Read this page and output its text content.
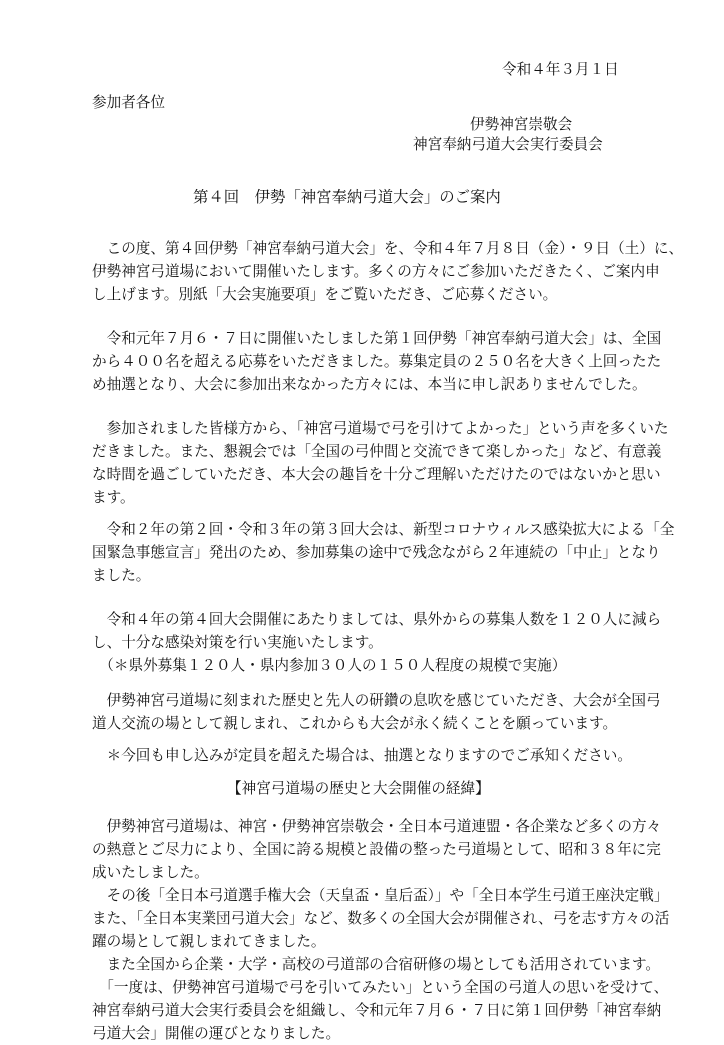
令和４年３月１日
参加者各位
伊勢神宮崇敬会
神宮奉納弓道大会実行委員会
第４回　伊勢「神宮奉納弓道大会」のご案内
　この度、第４回伊勢「神宮奉納弓道大会」を、令和４年７月８日（金）・９日（土）に、
伊勢神宮弓道場において開催いたします。多くの方々にご参加いただきたく、ご案内申
し上げます。別紙「大会実施要項」をご覧いただき、ご応募ください。
　令和元年７月６・７日に開催いたしました第１回伊勢「神宮奉納弓道大会」は、全国
から４００名を超える応募をいただきました。募集定員の２５０名を大きく上回ったた
め抽選となり、大会に参加出来なかった方々には、本当に申し訳ありませんでした。
　参加されました皆様方から、「神宮弓道場で弓を引けてよかった」という声を多くいた
だきました。また、懇親会では「全国の弓仲間と交流できて楽しかった」など、有意義
な時間を過ごしていただき、本大会の趣旨を十分ご理解いただけたのではないかと思い
ます。
　令和２年の第２回・令和３年の第３回大会は、新型コロナウィルス感染拡大による「全
国緊急事態宣言」発出のため、参加募集の途中で残念ながら２年連続の「中止」となり
ました。
　令和４年の第４回大会開催にあたりましては、県外からの募集人数を１２０人に減ら
し、十分な感染対策を行い実施いたします。
　（＊県外募集１２０人・県内参加３０人の１５０人程度の規模で実施）
　伊勢神宮弓道場に刻まれた歴史と先人の研鑽の息吹を感じていただき、大会が全国弓
道人交流の場として親しまれ、これからも大会が永く続くことを願っています。
　＊今回も申し込みが定員を超えた場合は、抽選となりますのでご承知ください。
【神宮弓道場の歴史と大会開催の経緯】
　伊勢神宮弓道場は、神宮・伊勢神宮崇敬会・全日本弓道連盟・各企業など多くの方々
の熱意とご尽力により、全国に誇る規模と設備の整った弓道場として、昭和３８年に完
成いたしました。
　その後「全日本弓道選手権大会（天皇盃・皇后盃）」や「全日本学生弓道王座決定戦」
また、「全日本実業団弓道大会」など、数多くの全国大会が開催され、弓を志す方々の活
躍の場として親しまれてきました。
　また全国から企業・大学・高校の弓道部の合宿研修の場としても活用されています。
　「一度は、伊勢神宮弓道場で弓を引いてみたい」という全国の弓道人の思いを受けて、
神宮奉納弓道大会実行委員会を組織し、令和元年７月６・７日に第１回伊勢「神宮奉納
弓道大会」開催の運びとなりました。
